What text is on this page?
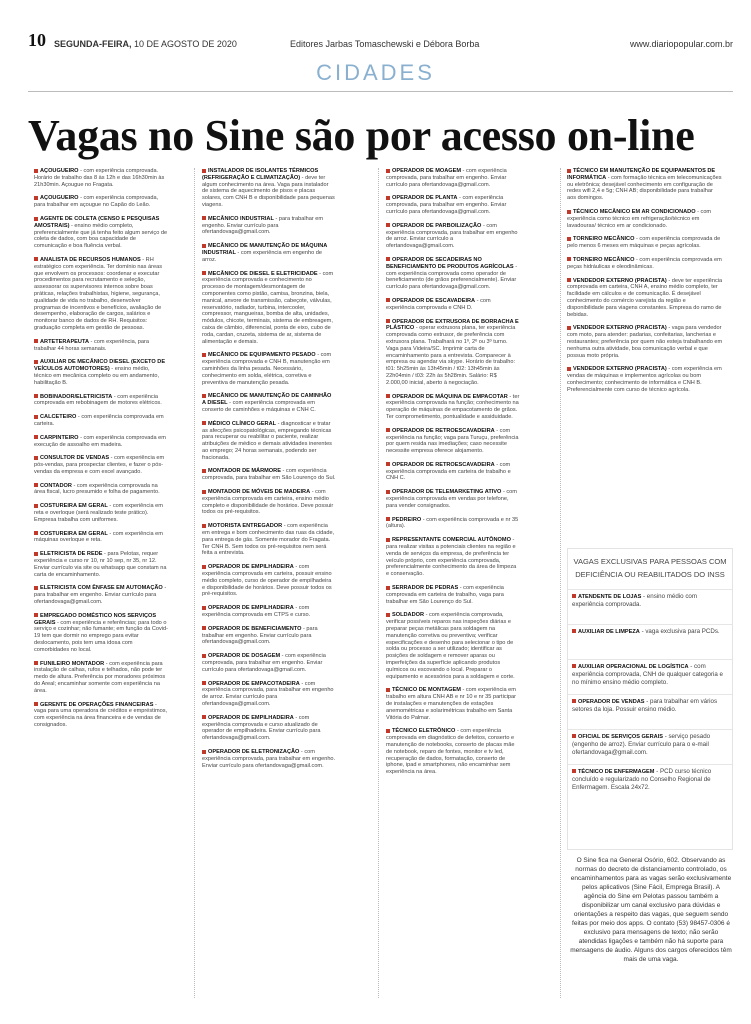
10 SEGUNDA-FEIRA, 10 DE AGOSTO DE 2020	Editores Jarbas Tomaschewski e Débora Borba	www.diariopopular.com.br
CIDADES
Vagas no Sine são por acesso on-line
AÇOUGUEIRO - com experiência comprovada. Horário de trabalho das 8 às 12h e das 16h30min às 21h30min. Açougue no Fragata.
AÇOUGUEIRO - com experiência comprovada, para trabalhar em açougue no Capão do Leão.
AGENTE DE COLETA (CENSO E PESQUISAS AMOSTRAIS) - ensino médio completo, preferencialmente que já tenha feito algum serviço de coleta de dados, com boa capacidade de comunicação e boa fluência verbal.
ANALISTA DE RECURSOS HUMANOS - RH estratégico com experiência. Ter domínio nas áreas que envolvem os processos: coordenar e executar procedimentos para recrutamento e seleção, assessorar os supervisores internos sobre boas práticas, relações trabalhistas, higiene, segurança, qualidade de vida no trabalho, desenvolver programas de incentivos e benefícios, avaliação de desempenho, elaboração de cargos, salários e monitorar banco de dados de RH. Requisitos: graduação completa em gestão de pessoas.
ARTETERAPEUTA - com experiência, para trabalhar 44 horas semanais.
AUXILIAR DE MECÂNICO DIESEL (EXCETO DE VEÍCULOS AUTOMOTORES) - ensino médio, técnico em mecânica completo ou em andamento, habilitação B.
BOBINADOR/ELETRICISTA - com experiência comprovada em rebobinagem de motores elétricos.
CALCETEIRO - com experiência comprovada em carteira.
CARPINTEIRO - com experiência comprovada em execução de assoalho em madeira.
CONSULTOR DE VENDAS - com experiência em pós-vendas, para prospectar clientes, e fazer o pós-vendas da empresa e com excel avançado.
CONTADOR - com experiência comprovada na área fiscal, lucro presumido e folha de pagamento.
COSTUREIRA EM GERAL - com experiência em reta e overloque (será realizado teste prático). Empresa trabalha com uniformes.
COSTUREIRA EM GERAL - com experiência em máquinas overloque e reta.
ELETRICISTA DE REDE - para Pelotas, requer experiência e curso nr 10, nr 10 sep, nr 35, nr 12. Enviar currículo via site ou whatsapp que constam na carta de encaminhamento.
ELETRICISTA COM ÊNFASE EM AUTOMAÇÃO - para trabalhar em engenho. Enviar currículo para ofertandovaga@gmail.com.
EMPREGADO DOMÉSTICO NOS SERVIÇOS GERAIS - com experiência e referências; para todo o serviço e cozinhar; não fumante; em função da Covid-19 tem que dormir no emprego para evitar deslocamento, pois tem uma idosa com comorbidades no local.
FUNILEIRO MONTADOR - com experiência para instalação de calhas, rufos e telhados, não pode ter medo de altura. Preferência por moradores próximos do Areal; encaminhar somente com experiência na área.
GERENTE DE OPERAÇÕES FINANCEIRAS - vaga para uma operadora de créditos e empréstimos, com experiência na área financeira e de vendas de consignados.
INSTALADOR DE ISOLANTES TÉRMICOS (REFRIGERAÇÃO E CLIMATIZAÇÃO) - deve ter algum conhecimento na área. Vaga para instalador de sistema de aquecimento de pisos e placas solares, com CNH B e disponibilidade para pequenas viagens.
MECÂNICO INDUSTRIAL - para trabalhar em engenho. Enviar currículo para ofertandovaga@gmail.com.
MECÂNICO DE MANUTENÇÃO DE MÁQUINA INDUSTRIAL - com experiência em engenho de arroz.
MECÂNICO DE DIESEL E ELETRICIDADE - com experiência comprovada e conhecimento no processo de montagem/desmontagem de componentes como pistão, camisa, bronzina, biela, manical, anvore de transmissão, cabeçote, válvulas, reservatório, radiador, turbina, intercooler, compressor, mangueiras, bomba de alta, unidades, módulos, chicote, terminais, sistema de embreagem, caixa de câmbio, diferencial, ponta de eixo, cubo de roda, cardan, cruzeta, sistema de ar, sistema de alimentação e demais.
MECÂNICO DE EQUIPAMENTO PESADO - com experiência comprovada e CNH B, manutenção em caminhões da linha pesada. Necessário, conhecimento em solda, elétrica, corretiva e preventiva de manutenção pesada.
MECÂNICO DE MANUTENÇÃO DE CAMINHÃO A DIESEL - com experiência comprovada em conserto de caminhões e máquinas e CNH C.
MÉDICO CLÍNICO GERAL - diagnosticar e tratar as afecções psicopatológicas, empregando técnicas para recuperar ou reabilitar o paciente, realizar atribuições de médico e demais atividades inerentes ao emprego; 24 horas semanais, podendo ser fracionada.
MONTADOR DE MÁRMORE - com experiência comprovada, para trabalhar em São Lourenço do Sul.
MONTADOR DE MÓVEIS DE MADEIRA - com experiência comprovada em carteira, ensino médio completo e disponibilidade de horários. Deve possuir todos os pré-requisitos.
MOTORISTA ENTREGADOR - com experiência em entrega e bom conhecimento das ruas da cidade, para entrega de gás. Somente morador do Fragata. Ter CNH B. Sem todos os pré-requisitos nem será feita a entrevista.
OPERADOR DE EMPILHADEIRA - com experiência comprovada em carteira, possuir ensino médio completo, curso de operador de empilhadeira e disponibilidade de horários. Deve possuir todos os pré-requisitos.
OPERADOR DE EMPILHADEIRA - com experiência comprovada em CTPS e curso.
OPERADOR DE BENEFICIAMENTO - para trabalhar em engenho. Enviar currículo para ofertandovaga@gmail.com.
OPERADOR DE DOSAGEM - com experiência comprovada, para trabalhar em engenho. Enviar currículo para ofertandovaga@gmail.com.
OPERADOR DE EMPACOTADEIRA - com experiência comprovada, para trabalhar em engenho de arroz. Enviar currículo para ofertandovaga@gmail.com.
OPERADOR DE EMPILHADEIRA - com experiência comprovada e curso atualizado de operador de empilhadeira. Enviar currículo para ofertandovaga@gmail.com.
OPERADOR DE ELETRONIZAÇÃO - com experiência comprovada, para trabalhar em engenho. Enviar currículo para ofertandovaga@gmail.com.
OPERADOR DE MOAGEM - com experiência comprovada, para trabalhar em engenho. Enviar currículo para ofertandovaga@gmail.com.
OPERADOR DE PLANTA - com experiência comprovada, para trabalhar em engenho. Enviar currículo para ofertandovaga@gmail.com.
OPERADOR DE PARBOILIZAÇÃO - com experiência comprovada, para trabalhar em engenho de arroz. Enviar currículo a ofertandovaga@gmail.com.
OPERADOR DE SECADEIRAS NO BENEFICIAMENTO DE PRODUTOS AGRÍCOLAS - com experiência comprovada como operador de beneficiamento (de grãos preferencialmente). Enviar currículo para ofertandovaga@gmail.com.
OPERADOR DE ESCAVADEIRA - com experiência comprovada e CNH D.
OPERADOR DE EXTRUSORA DE BORRACHA E PLÁSTICO - operar extrusora plana, ter experiência comprovada como extrusor, de preferência com extrusora plana. Trabalhará no 1º, 2º ou 3º turno. Vaga para Videira/SC. Imprimir carta de encaminhamento para a entrevista. Comparecer à empresa ou agendar via skype. Horário de trabalho: t01: 5h25min às 13h45min / t02: 13h45min às 22h04min / t03: 22h às 5h28min. Salário: R$ 2.000,00 inicial, aberto à negociação.
OPERADOR DE MÁQUINA DE EMPACOTAR - ter experiência comprovada na função; conhecimento na operação de máquinas de empacotamento de grãos. Ter comprometimento, pontualidade e assiduidade.
OPERADOR DE RETROESCAVADEIRA - com experiência na função; vaga para Turuçu, preferência por quem resida nas imediações; caso necessite necessite empresa oferece alojamento.
OPERADOR DE RETROESCAVADEIRA - com experiência comprovada em carteira de trabalho e CNH C.
OPERADOR DE TELEMARKETING ATIVO - com experiência comprovada em vendas por telefone, para vender consignados.
PEDREIRO - com experiência comprovada e nr 35 (altura).
REPRESENTANTE COMERCIAL AUTÔNOMO - para realizar visitas a potenciais clientes na região e venda de serviços da empresa, de preferência ter veículo próprio, com experiência comprovada, preferencialmente conhecimento da área de limpeza e conservação.
SERRADOR DE PEDRAS - com experiência comprovada em carteira de trabalho, vaga para trabalhar em São Lourenço do Sul.
SOLDADOR - com experiência comprovada, verificar possíveis reparos nas inspeções diárias e preparar peças metálicas para soldagem na manutenção corretiva ou preventiva; verificar especificações e desenho para selecionar o tipo de solda ou processo a ser utilizado; identificar as posições de soldagem e remover aparas ou imperfeições da superfície aplicando produtos químicos ou escovando o local. Preparar o equipamento e acessórios para a soldagem e corte.
TÉCNICO DE MONTAGEM - com experiência em trabalho em altura CNH AB e nr 10 e nr 35 participar de instalações e manutenções de estações anemométricas e solarimétricas trabalho em Santa Vitória do Palmar.
TÉCNICO ELETRÔNICO - com experiência comprovada em diagnóstico de defeitos, conserto e manutenção de notebooks, conserto de placas mãe de notebook, reparo de fontes, monitor e tv led, recuperação de dados, formatação, conserto de iphone, ipad e smartphones, não encaminhar sem experiência na área.
TÉCNICO EM MANUTENÇÃO DE EQUIPAMENTOS DE INFORMÁTICA - com formação técnica em telecomunicações ou eletrônica; desejável conhecimento em configuração de redes wifi 2,4 e 5g; CNH AB; disponibilidade para trabalhar aos domingos.
TÉCNICO MECÂNICO EM AR CONDICIONADO - com experiência como técnico em refrigeração/técnico em lavadouras/ técnico em ar condicionado.
TORNEIRO MECÂNICO - com experiência comprovada de pelo menos 6 meses em máquinas e peças agrícolas.
TORNEIRO MECÂNICO - com experiência comprovada em peças hidráulicas e oleodinâmicas.
VENDEDOR EXTERNO (PRACISTA) - deve ter experiência comprovada em carteira, CNH A, ensino médio completo, ter facilidade em cálculos e de comunicação. É desejável conhecimento do comércio varejista da região e disponibilidade para viagens constantes. Empresa do ramo de bebidas.
VENDEDOR EXTERNO (PRACISTA) - vaga para vendedor com moto, para atender: padarias, confeitarias, lancherias e restaurantes; preferência por quem não esteja trabalhando em nenhuma outra atividade, boa comunicação verbal e que possua moto própria.
VENDEDOR EXTERNO (PRACISTA) - com experiência em vendas de máquinas e implementos agrícolas ou bom conhecimento; conhecimento de informática e CNH B. Preferencialmente com curso de técnico agrícola.
VAGAS EXCLUSIVAS PARA PESSOAS COM DEFICIÊNCIA OU REABILITADOS DO INSS
ATENDENTE DE LOJAS - ensino médio com experiência comprovada.
AUXILIAR DE LIMPEZA - vaga exclusiva para PCDs.
AUXILIAR OPERACIONAL DE LOGÍSTICA - com experiência comprovada, CNH de qualquer categoria e no mínimo ensino médio completo.
OPERADOR DE VENDAS - para trabalhar em vários setores da loja. Possuir ensino médio.
OFICIAL DE SERVIÇOS GERAIS - serviço pesado (engenho de arroz). Enviar currículo para o e-mail ofertandovaga@gmail.com.
TÉCNICO DE ENFERMAGEM - PCD curso técnico concluído e regularizado no Conselho Regional de Enfermagem. Escala 24x72.
O Sine fica na General Osório, 602. Observando as normas do decreto de distanciamento controlado, os encaminhamentos para as vagas serão exclusivamente pelos aplicativos (Sine Fácil, Emprega Brasil). A agência do Sine em Pelotas passou também a disponibilizar um canal exclusivo para dúvidas e orientações a respeito das vagas, que seguem sendo feitas por meio dos apps. O contato (53) 98457-0306 é exclusivo para mensagens de texto; não serão atendidas ligações e também não há suporte para mensagens de áudio. Alguns dos cargos oferecidos têm mais de uma vaga.
